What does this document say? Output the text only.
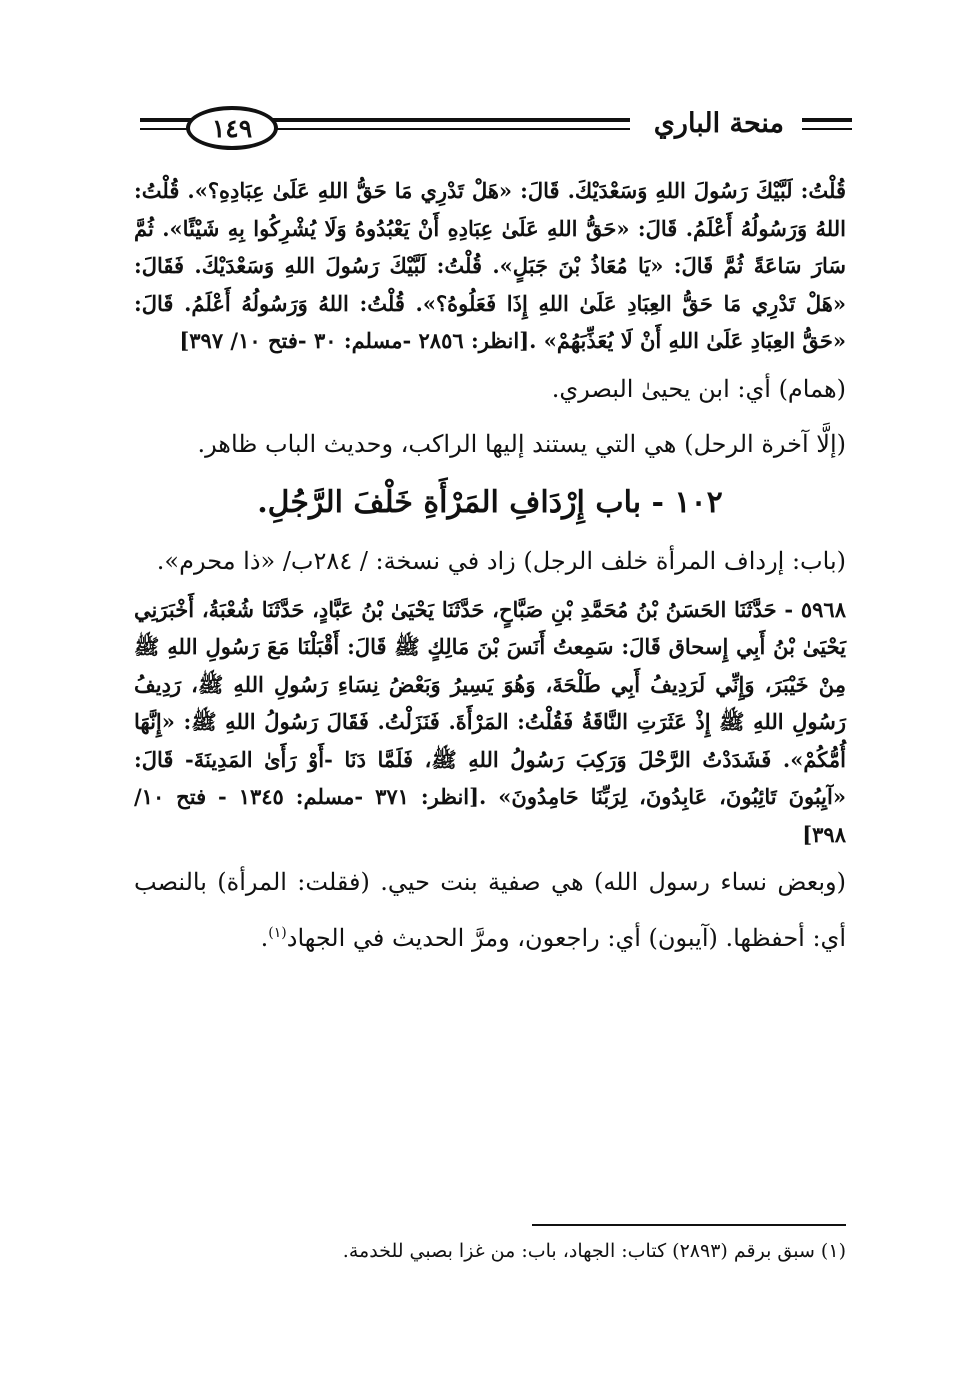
١٤٩	منحة الباري

قُلْتُ: لَبَّيْكَ رَسُولَ اللهِ وَسَعْدَيْكَ. قَالَ: «هَلْ تَدْرِي مَا حَقُّ اللهِ عَلَىٰ عِبَادِهِ؟». قُلْتُ: اللهُ وَرَسُولُهُ أَعْلَمُ. قَالَ: «حَقُّ اللهِ عَلَىٰ عِبَادِهِ أَنْ يَعْبُدُوهُ وَلَا يُشْرِكُوا بِهِ شَيْئًا». ثُمَّ سَارَ سَاعَةً ثُمَّ قَالَ: «يَا مُعَاذُ بْنَ جَبَلٍ». قُلْتُ: لَبَّيْكَ رَسُولَ اللهِ وَسَعْدَيْكَ. فَقَالَ: «هَلْ تَدْرِي مَا حَقُّ العِبَادِ عَلَىٰ اللهِ إِذَا فَعَلُوهُ؟». قُلْتُ: اللهُ وَرَسُولُهُ أَعْلَمُ. قَالَ: «حَقُّ العِبَادِ عَلَىٰ اللهِ أَنْ لَا يُعَذِّبَهُمْ» .[انظر: ٢٨٥٦ -مسلم: ٣٠ -فتح ١٠/ ٣٩٧]

(همام) أي: ابن يحيىٰ البصري.

(إلَّا آخرة الرحل) هي التي يستند إليها الراكب، وحديث الباب ظاهر.

١٠٢ - باب إِرْدَافِ المَرْأَةِ خَلْفَ الرَّجُلِ.

(باب: إرداف المرأة خلف الرجل) زاد في نسخة: / ٢٨٤ب/ «ذا محرم».

٥٩٦٨ - حَدَّثَنَا الحَسَنُ بْنُ مُحَمَّدِ بْنِ صَبَّاحٍ، حَدَّثَنَا يَحْيَىٰ بْنُ عَبَّادٍ، حَدَّثَنَا شُعْبَةُ، أَخْبَرَنِي يَحْيَىٰ بْنُ أَبِي إِسحاق قَالَ: سَمِعتُ أَنَسَ بْنَ مَالِكٍ ﷺ قَالَ: أَقْبَلْنَا مَعَ رَسُولِ اللهِ ﷺ مِنْ خَيْبَرَ، وَإِنِّي لَرَدِيفُ أَبِي طَلْحَةَ، وَهُوَ يَسِيرُ وَبَعْضُ نِسَاءِ رَسُولِ اللهِ ﷺ، رَدِيفُ رَسُولِ اللهِ ﷺ إِذْ عَثَرَتِ النَّاقَةُ فَقُلْتُ: المَرْأَةَ. فَنَزَلْتُ. فَقَالَ رَسُولُ اللهِ ﷺ: «إِنَّهَا أُمُّكُمْ». فَشَدَدْتُ الرَّحْلَ وَرَكِبَ رَسُولُ اللهِ ﷺ، فَلَمَّا دَنَا -أَوْ رَأَىٰ المَدِينَةَ- قَالَ: «آيِبُونَ تَائِبُونَ، عَابِدُونَ، لِرَبِّنَا حَامِدُونَ» .[انظر: ٣٧١ -مسلم: ١٣٤٥ - فتح ١٠/ ٣٩٨]

(وبعض نساء رسول الله) هي صفية بنت حيي. (فقلت: المرأة) بالنصب أي: أحفظها. (آيبون) أي: راجعون، ومرَّ الحديث في الجهاد$^{(١)}$.

(١) سبق برقم (٢٨٩٣) كتاب: الجهاد، باب: من غزا بصبي للخدمة.
